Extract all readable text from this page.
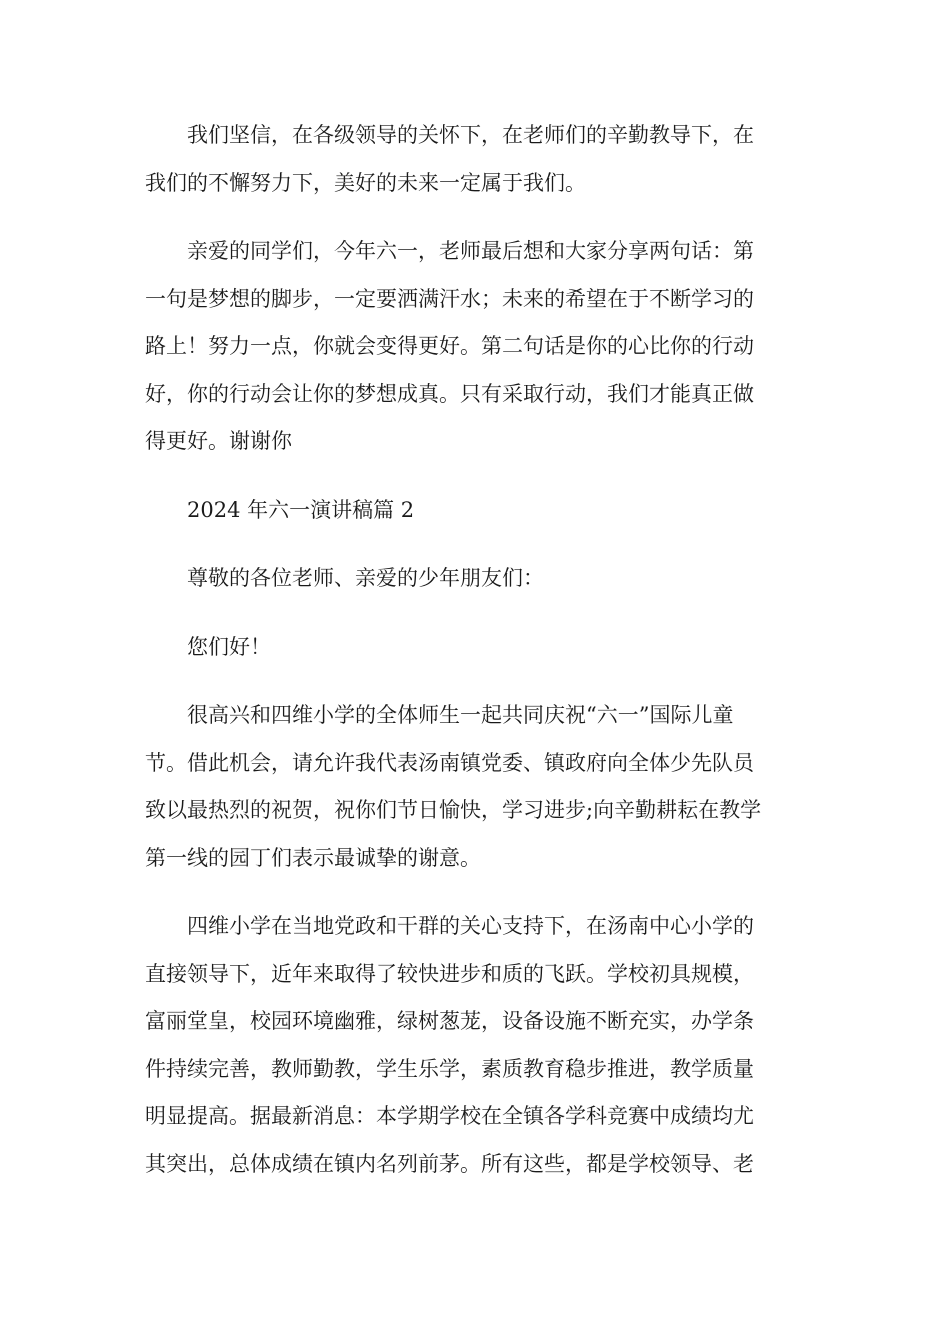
我们坚信，在各级领导的关怀下，在老师们的辛勤教导下，在
我们的不懈努力下，美好的未来一定属于我们。

亲爱的同学们，今年六一，老师最后想和大家分享两句话：第
一句是梦想的脚步，一定要洒满汗水；未来的希望在于不断学习的
路上！努力一点，你就会变得更好。第二句话是你的心比你的行动
好，你的行动会让你的梦想成真。只有采取行动，我们才能真正做
得更好。谢谢你

2024 年六一演讲稿篇 2

尊敬的各位老师、亲爱的少年朋友们：

您们好！

很高兴和四维小学的全体师生一起共同庆祝“六一”国际儿童
节。借此机会，请允许我代表汤南镇党委、镇政府向全体少先队员
致以最热烈的祝贺，祝你们节日愉快，学习进步;向辛勤耕耘在教学
第一线的园丁们表示最诚挚的谢意。

四维小学在当地党政和干群的关心支持下，在汤南中心小学的
直接领导下，近年来取得了较快进步和质的飞跃。学校初具规模，
富丽堂皇，校园环境幽雅，绿树葱茏，设备设施不断充实，办学条
件持续完善，教师勤教，学生乐学，素质教育稳步推进，教学质量
明显提高。据最新消息：本学期学校在全镇各学科竞赛中成绩均尤
其突出，总体成绩在镇内名列前茅。所有这些，都是学校领导、老
